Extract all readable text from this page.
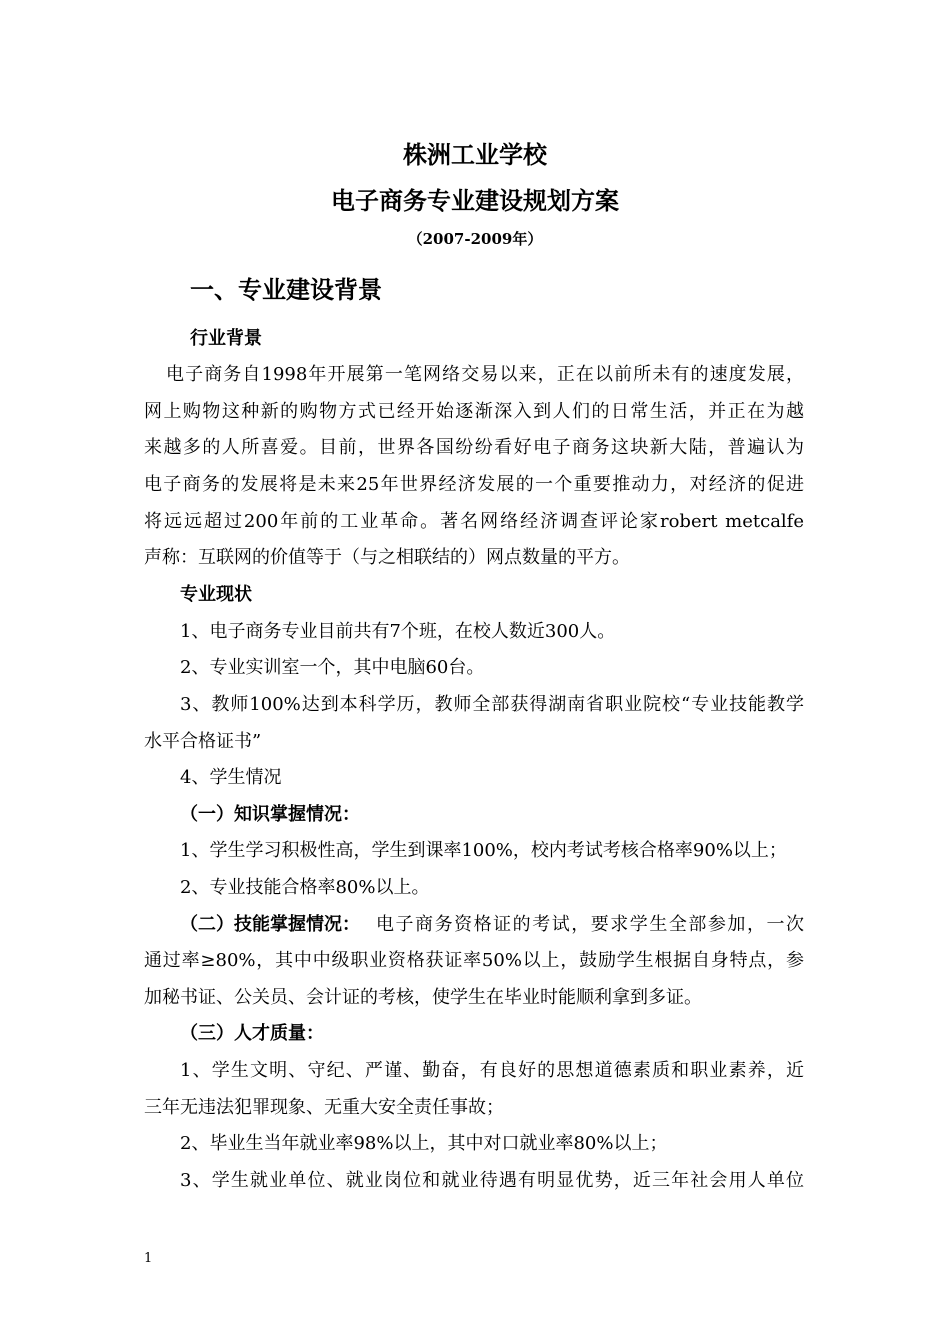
株洲工业学校
电子商务专业建设规划方案
（2007-2009年）
一、专业建设背景
行业背景
电子商务自1998年开展第一笔网络交易以来，正在以前所未有的速度发展，
网上购物这种新的购物方式已经开始逐渐深入到人们的日常生活，并正在为越
来越多的人所喜爱。目前，世界各国纷纷看好电子商务这块新大陆，普遍认为
电子商务的发展将是未来25年世界经济发展的一个重要推动力，对经济的促进
将远远超过200年前的工业革命。著名网络经济调查评论家robert metcalfe
声称：互联网的价值等于（与之相联结的）网点数量的平方。
专业现状
1、电子商务专业目前共有7个班，在校人数近300人。
2、专业实训室一个，其中电脑60台。
3、教师100%达到本科学历，教师全部获得湖南省职业院校“专业技能教学
水平合格证书”
4、学生情况
（一）知识掌握情况：
1、学生学习积极性高，学生到课率100%，校内考试考核合格率90%以上；
2、专业技能合格率80%以上。
（二）技能掌握情况： 电子商务资格证的考试，要求学生全部参加，一次
通过率≥80%，其中中级职业资格获证率50%以上，鼓励学生根据自身特点，参
加秘书证、公关员、会计证的考核，使学生在毕业时能顺利拿到多证。
（三）人才质量：
1、学生文明、守纪、严谨、勤奋，有良好的思想道德素质和职业素养，近
三年无违法犯罪现象、无重大安全责任事故；
2、毕业生当年就业率98%以上，其中对口就业率80%以上；
3、学生就业单位、就业岗位和就业待遇有明显优势，近三年社会用人单位
1
